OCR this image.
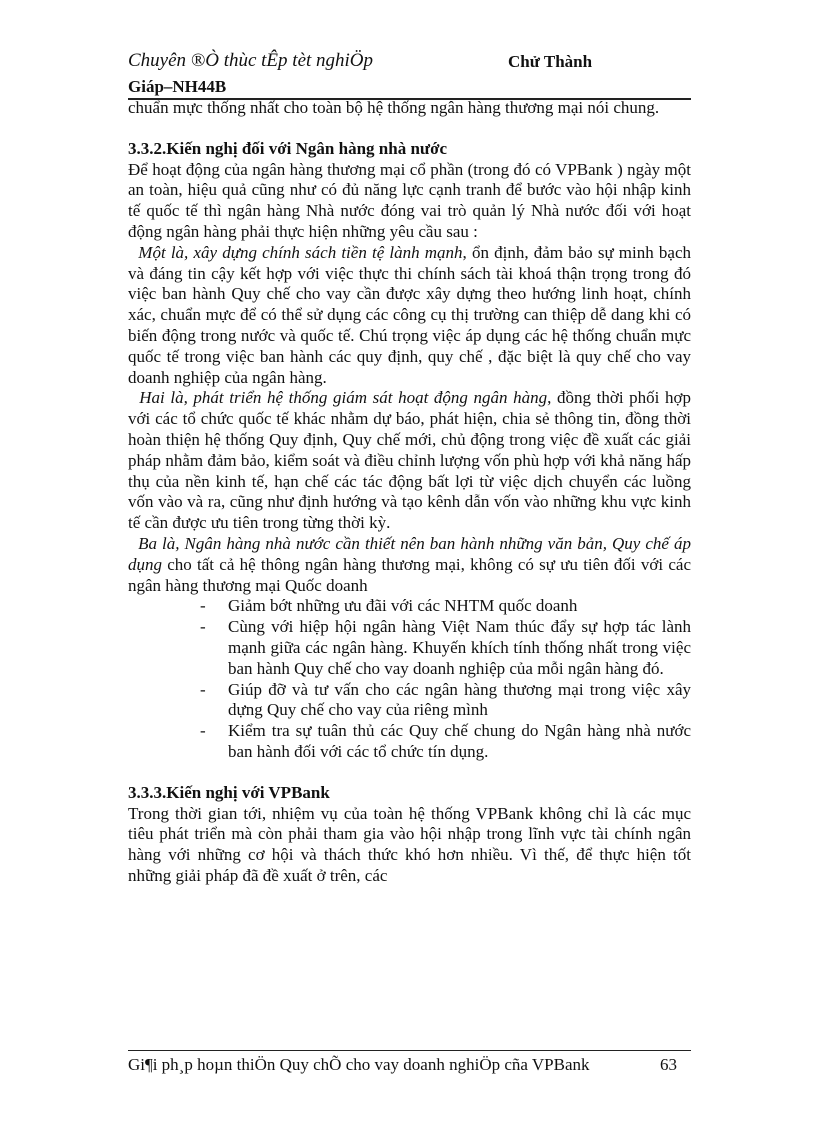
Chuyên ®Ò thùc tÊp tèt nghiÖp	Chử Thành
Giáp–NH44B

chuẩn mực thống nhất cho toàn bộ hệ thống ngân hàng thương mại nói chung.

3.3.2.Kiến nghị đối với Ngân hàng nhà nước

Để hoạt động của ngân hàng thương mại cổ phần (trong đó có VPBank ) ngày một an toàn, hiệu quả cũng như có đủ năng lực cạnh tranh để bước vào hội nhập kinh tế quốc tế thì ngân hàng Nhà nước đóng vai trò quản lý Nhà nước đối với hoạt động ngân hàng phải thực hiện những yêu cầu sau :

Một là, xây dựng chính sách tiền tệ lành mạnh, ổn định, đảm bảo sự minh bạch và đáng tin cậy kết hợp với việc thực thi chính sách tài khoá thận trọng trong đó việc ban hành Quy chế cho vay cần được xây dựng theo hướng linh hoạt, chính xác, chuẩn mực để có thể sử dụng các công cụ thị trường can thiệp dễ dang khi có biến động trong nước và quốc tế. Chú trọng việc áp dụng các hệ thống chuẩn mực quốc tế trong việc ban hành các quy định, quy chế , đặc biệt là quy chế cho vay doanh nghiệp của ngân hàng.

Hai là, phát triển hệ thống giám sát hoạt động ngân hàng, đồng thời phối hợp với các tổ chức quốc tế khác nhằm dự báo, phát hiện, chia sẻ thông tin, đồng thời hoàn thiện hệ thống Quy định, Quy chế mới, chủ động trong việc đề xuất các giải pháp nhằm đảm bảo, kiểm soát và điều chỉnh lượng vốn phù hợp với khả năng hấp thụ của nền kinh tế, hạn chế các tác động bất lợi từ việc dịch chuyển các luồng vốn vào và ra, cũng như định hướng và tạo kênh dẫn vốn vào những khu vực kinh tế cần được ưu tiên trong từng thời kỳ.

Ba là, Ngân hàng nhà nước cần thiết nên ban hành những văn bản, Quy chế áp dụng cho tất cả hệ thông ngân hàng thương mại, không có sự ưu tiên đối với các ngân hàng thương mại Quốc doanh

- Giảm bớt những ưu đãi với các NHTM quốc doanh
- Cùng với hiệp hội ngân hàng Việt Nam thúc đẩy sự hợp tác lành mạnh giữa các ngân hàng. Khuyến khích tính thống nhất trong việc ban hành Quy chế cho vay doanh nghiệp của mỗi ngân hàng đó.
- Giúp đỡ và tư vấn cho các ngân hàng thương mại trong việc xây dựng Quy chế cho vay của riêng mình
- Kiểm tra sự tuân thủ các Quy chế chung do Ngân hàng nhà nước ban hành đối với các tổ chức tín dụng.

3.3.3.Kiến nghị với VPBank

Trong thời gian tới, nhiệm vụ của toàn hệ thống VPBank không chỉ là các mục tiêu phát triển mà còn phải tham gia vào hội nhập trong lĩnh vực tài chính ngân hàng với những cơ hội và thách thức khó hơn nhiều. Vì thế, để thực hiện tốt những giải pháp đã đề xuất ở trên, các

Gi¶i ph¸p hoµn thiÖn Quy chÕ cho vay doanh nghiÖp cña VPBank	63
